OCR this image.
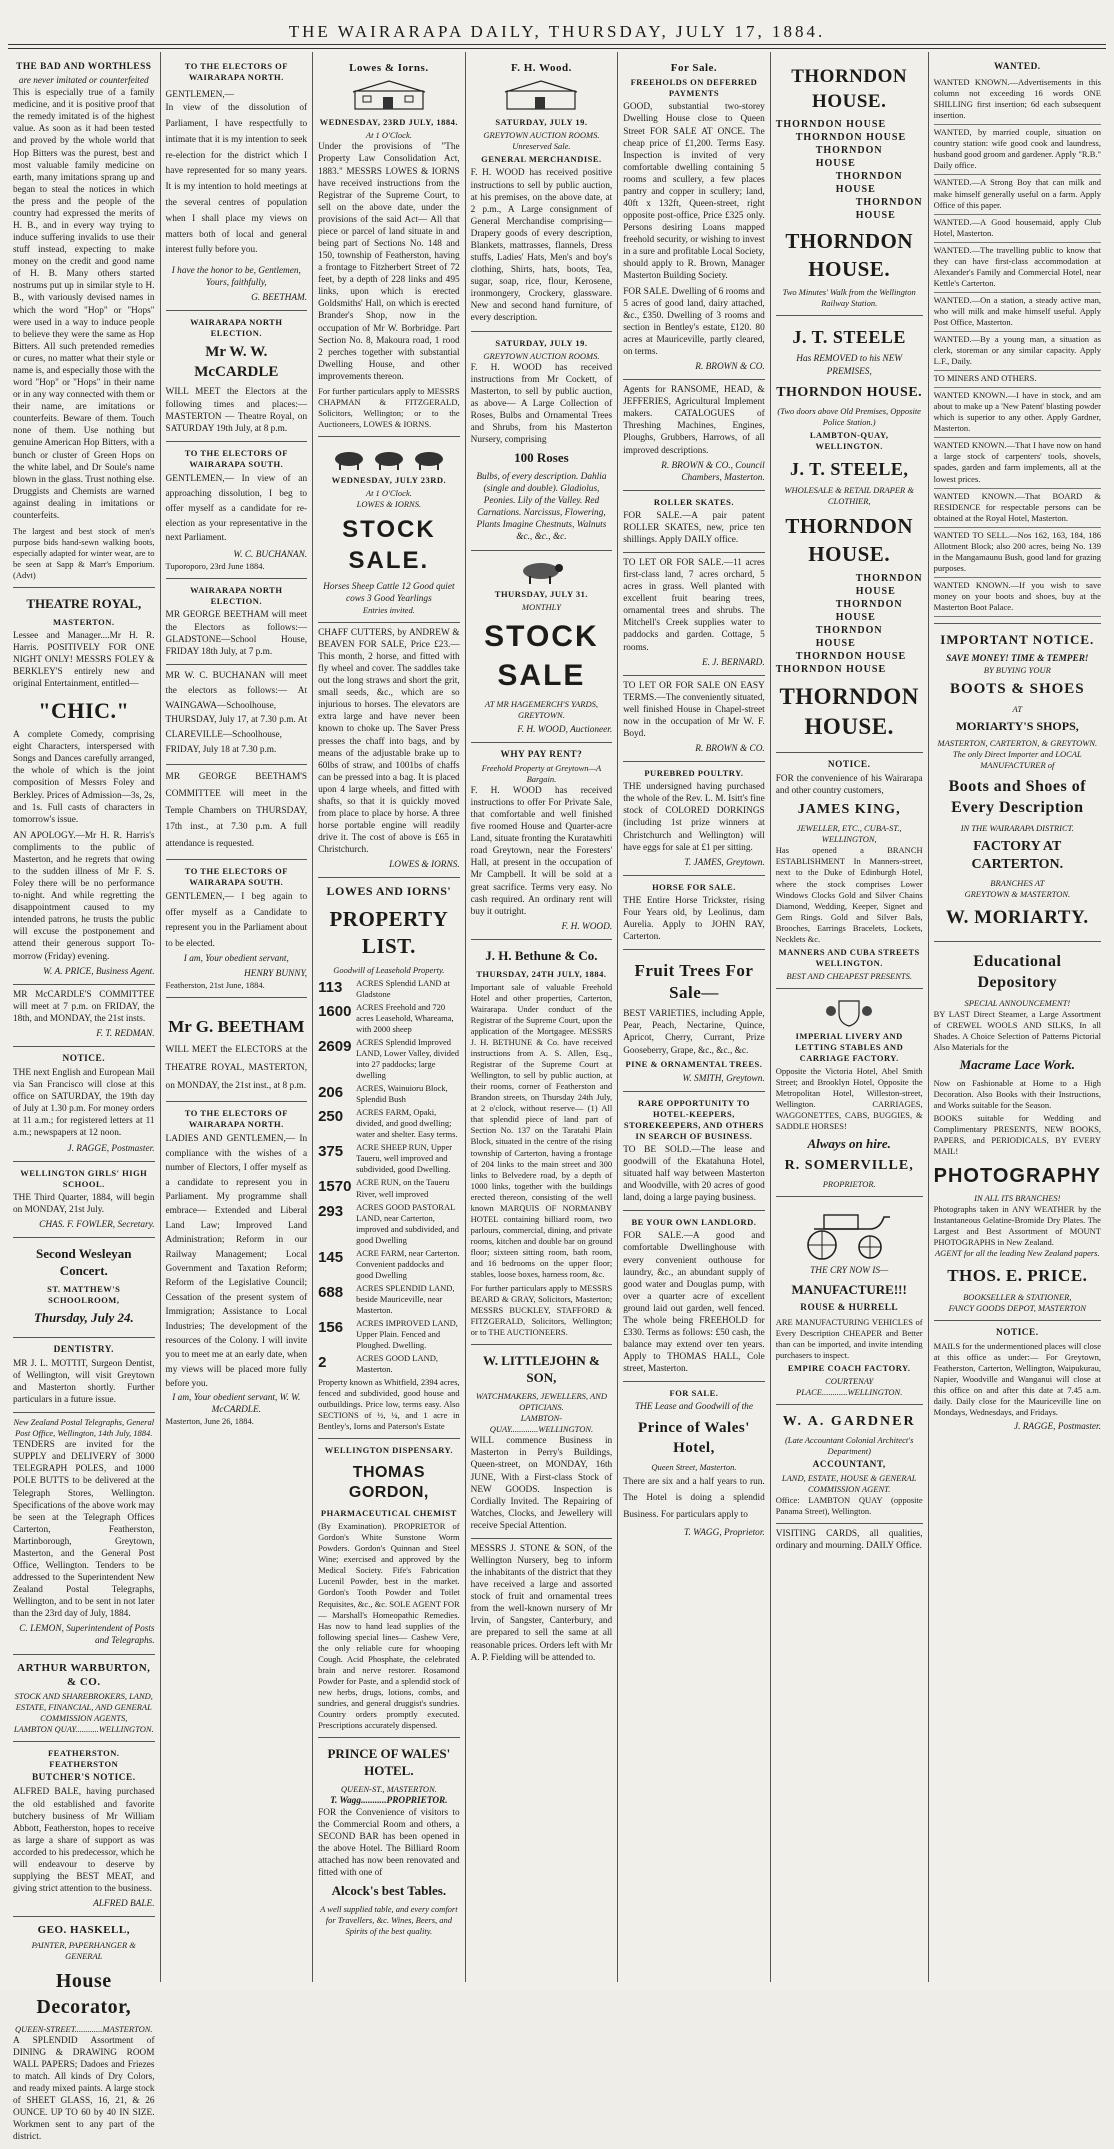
THE WAIRARAPA DAILY, THURSDAY, JULY 17, 1884.
THE BAD AND WORTHLESS
are never imitated or counterfeited
This is especially true of a family medicine, and it is positive proof that the remedy imitated is of the highest value. As soon as it had been tested and proved by the whole world that Hop Bitters was the purest, best and most valuable family medicine on earth, many imitations sprang up and began to steal the notices in which the press and the people of the country had expressed the merits of H. B., and in every way trying to induce suffering invalids to use their stuff instead, expecting to make money on the credit and good name of H. B. Many others started nostrums put up in similar style to H. B., with variously devised names in which the word "Hop" or "Hops" were used in a way to induce people to believe they were the same as Hop Bitters. All such pretended remedies or cures, no matter what their style or name is, and especially those with the word "Hop" or "Hops" in their name or in any way connected with them or their name, are imitations or counterfeits. Beware of them. Touch none of them. Use nothing but genuine American Hop Bitters, with a bunch or cluster of Green Hops on the white label, and Dr Soule's name blown in the glass. Trust nothing else. Druggists and Chemists are warned against dealing in imitations or counterfeits.
The largest and best stock of men's purpose bids hand-sewn walking boots, especially adapted for winter wear, are to be seen at Sapp & Marr's Emporium. (Advt)
THEATRE ROYAL,
MASTERTON.
Lessee and Manager....Mr H. R. Harris. POSITIVELY FOR ONE NIGHT ONLY! MESSRS FOLEY & BERKLEY'S entirely new and original Entertainment, entitled—
"CHIC."
A complete Comedy, comprising eight Characters, interspersed with Songs and Dances carefully arranged, the whole of which is the joint composition of Messrs Foley and Berkley. Prices of Admission—3s, 2s, and 1s. Full casts of characters in tomorrow's issue.
AN APOLOGY.—Mr H. R. Harris's compliments to the public of Masterton, and he regrets that owing to the sudden illness of Mr F. S. Foley there will be no performance to-night. And while regretting the disappointment caused to my intended patrons, he trusts the public will excuse the postponement and attend their generous support To-morrow (Friday) evening.
W. A. PRICE, Business Agent.
MR McCARDLE'S COMMITTEE will meet at 7 p.m. on FRIDAY, the 18th, and MONDAY, the 21st insts.
F. T. REDMAN.
NOTICE.
THE next English and European Mail via San Francisco will close at this office on SATURDAY, the 19th day of July at 1.30 p.m. For money orders at 11 a.m.; for registered letters at 11 a.m.; newspapers at 12 noon.
J. RAGGE, Postmaster.
WELLINGTON GIRLS' HIGH SCHOOL.
THE Third Quarter, 1884, will begin on MONDAY, 21st July.
CHAS. F. FOWLER, Secretary.
Second Wesleyan Concert.
ST. MATTHEW'S SCHOOLROOM,
Thursday, July 24.
DENTISTRY.
MR J. L. MOTTIT, Surgeon Dentist, of Wellington, will visit Greytown and Masterton shortly. Further particulars in a future issue.
New Zealand Postal Telegraphs, General Post Office, Wellington, 14th July, 1884.
TENDERS are invited for the SUPPLY and DELIVERY of 3000 TELEGRAPH POLES, and 1000 POLE BUTTS to be delivered at the Telegraph Stores, Wellington. Specifications of the above work may be seen at the Telegraph Offices Carterton, Featherston, Martinborough, Greytown, Masterton, and the General Post Office, Wellington. Tenders to be addressed to the Superintendent New Zealand Postal Telegraphs, Wellington, and to be sent in not later than the 23rd day of July, 1884.
C. LEMON, Superintendent of Posts and Telegraphs.
ARTHUR WARBURTON, & CO.
STOCK AND SHAREBROKERS, LAND, ESTATE, FINANCIAL, AND GENERAL COMMISSION AGENTS,
LAMBTON QUAY...........WELLINGTON.
FEATHERSTON. FEATHERSTON
BUTCHER'S NOTICE.
ALFRED BALE, having purchased the old established and favorite butchery business of Mr William Abbott, Featherston, hopes to receive as large a share of support as was accorded to his predecessor, which he will endeavour to deserve by supplying the BEST MEAT, and giving strict attention to the business.
ALFRED BALE.
GEO. HASKELL,
PAINTER, PAPERHANGER & GENERAL
House Decorator,
QUEEN-STREET.............MASTERTON.
A SPLENDID Assortment of DINING & DRAWING ROOM WALL PAPERS; Dadoes and Friezes to match. All kinds of Dry Colors, and ready mixed paints. A large stock of SHEET GLASS, 16, 21, & 26 OUNCE. UP TO 60 by 40 IN SIZE. Workmen sent to any part of the district.
TO THE ELECTORS OF WAIRARAPA NORTH.
GENTLEMEN,—
In view of the dissolution of Parliament, I have respectfully to intimate that it is my intention to seek re-election for the district which I have represented for so many years. It is my intention to hold meetings at the several centres of population when I shall place my views on matters both of local and general interest fully before you.
I have the honor to be, Gentlemen, Yours, faithfully,
G. BEETHAM.
WAIRARAPA NORTH ELECTION.
Mr W. W. McCARDLE
WILL MEET the Electors at the following times and places:— MASTERTON — Theatre Royal, on SATURDAY 19th July, at 8 p.m.
TO THE ELECTORS OF WAIRARAPA SOUTH.
GENTLEMEN,— In view of an approaching dissolution, I beg to offer myself as a candidate for re-election as your representative in the next Parliament.
W. C. BUCHANAN.
Tuporoporo, 23rd June 1884.
WAIRARAPA NORTH ELECTION.
MR GEORGE BEETHAM will meet the Electors as follows:— GLADSTONE—School House, FRIDAY 18th July, at 7 p.m.
MR W. C. BUCHANAN will meet the electors as follows:— At WAINGAWA—Schoolhouse, THURSDAY, July 17, at 7.30 p.m. At CLAREVILLE—Schoolhouse, FRIDAY, July 18 at 7.30 p.m.
MR GEORGE BEETHAM'S COMMITTEE will meet in the Temple Chambers on THURSDAY, 17th inst., at 7.30 p.m. A full attendance is requested.
TO THE ELECTORS OF WAIRARAPA SOUTH.
GENTLEMEN,— I beg again to offer myself as a Candidate to represent you in the Parliament about to be elected.
I am, Your obedient servant,
HENRY BUNNY,
Featherston, 21st June, 1884.
Mr G. BEETHAM
WILL MEET the ELECTORS at the THEATRE ROYAL, MASTERTON, on MONDAY, the 21st inst., at 8 p.m.
TO THE ELECTORS OF WAIRARAPA NORTH.
LADIES AND GENTLEMEN,— In compliance with the wishes of a number of Electors, I offer myself as a candidate to represent you in Parliament. My programme shall embrace— Extended and Liberal Land Law; Improved Land Administration; Reform in our Railway Management; Local Government and Taxation Reform; Reform of the Legislative Council; Cessation of the present system of Immigration; Assistance to Local Industries; The development of the resources of the Colony. I will invite you to meet me at an early date, when my views will be placed more fully before you.
I am, Your obedient servant, W. W. McCARDLE.
Masterton, June 26, 1884.
Lowes & Iorns.
WEDNESDAY, 23RD JULY, 1884.
At 1 O'Clock.
Under the provisions of "The Property Law Consolidation Act, 1883." MESSRS LOWES & IORNS have received instructions from the Registrar of the Supreme Court, to sell on the above date, under the provisions of the said Act— All that piece or parcel of land situate in and being part of Sections No. 148 and 150, township of Featherston, having a frontage to Fitzherbert Street of 72 feet, by a depth of 228 links and 495 links, upon which is erected Goldsmiths' Hall, on which is erected Brander's Shop, now in the occupation of Mr W. Borbridge. Part Section No. 8, Makoura road, 1 rood 2 perches together with substantial Dwelling House, and other improvements thereon.
For further particulars apply to MESSRS CHAPMAN & FITZGERALD, Solicitors, Wellington; or to the Auctioneers, LOWES & IORNS.
WEDNESDAY, JULY 23RD.
At 1 O'Clock.
LOWES & IORNS.
STOCK SALE.
Horses Sheep Cattle 12 Good quiet cows 3 Good Yearlings
Entries invited.
CHAFF CUTTERS, by ANDREW & BEAVEN FOR SALE, Price £23.—This month, 2 horse, and fitted with fly wheel and cover. The saddles take out the long straws and short the grit, small seeds, &c., which are so injurious to horses. The elevators are extra large and have never been known to choke up. The Saver Press presses the chaff into bags, and by means of the adjustable brake up to 60lbs of straw, and 1001bs of chaffs can be pressed into a bag. It is placed upon 4 large wheels, and fitted with shafts, so that it is quickly moved from place to place by horse. A three horse portable engine will readily drive it. The cost of above is £65 in Christchurch.
LOWES & IORNS.
LOWES AND IORNS'
PROPERTY LIST.
Goodwill of Leasehold Property.
113	ACRES Splendid LAND at Gladstone
1600 ACRES Freehold and 720 acres Leasehold, Whareama, with 2000 sheep
2609 ACRES Splendid Improved LAND, Lower Valley, divided into 27 paddocks; large dwelling
206	ACRES, Wainuioru Block, Splendid Bush
250	ACRES FARM, Opaki, divided, and good dwelling; water and shelter. Easy terms.
375	ACRE SHEEP RUN, Upper Taueru, well improved and subdivided, good Dwelling.
1570 ACRE RUN, on the Taueru River, well improved
293	ACRES GOOD PASTORAL LAND, near Carterton, improved and subdivided, and good Dwelling
145	ACRE FARM, near Carterton. Convenient paddocks and good Dwelling
688	ACRES SPLENDID LAND, beside Mauriceville, near Masterton.
156	ACRES IMPROVED LAND, Upper Plain. Fenced and Ploughed. Dwelling.
2	ACRES GOOD LAND, Masterton.
Property known as Whitfield, 2394 acres, fenced and subdivided, good house and outbuildings. Price low, terms easy. Also SECTIONS of ½, ¼, and 1 acre in Bentley's, Iorns and Paterson's Estate
WELLINGTON DISPENSARY.
THOMAS GORDON,
PHARMACEUTICAL CHEMIST
(By Examination). PROPRIETOR of Gordon's White Sunstone Worm Powders. Gordon's Quinnan and Steel Wine; exercised and approved by the Medical Society. Fife's Fabrication Lucenil Powder, best in the market. Gordon's Tooth Powder and Toilet Requisites, &c., &c. SOLE AGENT FOR— Marshall's Homeopathic Remedies. Has now to hand lead supplies of the following special lines— Cashew Vere, the only reliable cure for whooping Cough. Acid Phosphate, the celebrated brain and nerve restorer. Rosamond Powder for Paste, and a splendid stock of new herbs, drugs, lotions, combs, and sundries, and general druggist's sundries. Country orders promptly executed. Prescriptions accurately dispensed.
PRINCE OF WALES' HOTEL.
QUEEN-ST., MASTERTON.
T. Wagg...........PROPRIETOR.
FOR the Convenience of visitors to the Commercial Room and others, a SECOND BAR has been opened in the above Hotel. The Billiard Room attached has now been renovated and fitted with one of
Alcock's best Tables.
A well supplied table, and every comfort for Travellers, &c. Wines, Beers, and Spirits of the best quality.
F. H. Wood.
SATURDAY, JULY 19.
GREYTOWN AUCTION ROOMS.
Unreserved Sale.
GENERAL MERCHANDISE.
F. H. WOOD has received positive instructions to sell by public auction, at his premises, on the above date, at 2 p.m., A Large consignment of General Merchandise comprising— Drapery goods of every description, Blankets, mattrasses, flannels, Dress stuffs, Ladies' Hats, Men's and boy's clothing, Shirts, hats, boots, Tea, sugar, soap, rice, flour, Kerosene, ironmongery, Crockery, glassware. New and second hand furniture, of every description.
SATURDAY, JULY 19.
GREYTOWN AUCTION ROOMS.
F. H. WOOD has received instructions from Mr Cockett, of Masterton, to sell by public auction, as above— A Large Collection of Roses, Bulbs and Ornamental Trees and Shrubs, from his Masterton Nursery, comprising
100 Roses
Bulbs, of every description. Dahlia (single and double). Gladiolus, Peonies. Lily of the Valley. Red Carnations. Narcissus, Flowering, Plants Imagine Chestnuts, Walnuts &c., &c., &c.
THURSDAY, JULY 31.
MONTHLY
STOCK SALE
AT MR HAGEMERCH'S YARDS, GREYTOWN.
F. H. WOOD, Auctioneer.
WHY PAY RENT?
Freehold Property at Greytown—A Bargain.
F. H. WOOD has received instructions to offer For Private Sale, that comfortable and well finished five roomed House and Quarter-acre Land, situate fronting the Kuratawhiti road Greytown, near the Foresters' Hall, at present in the occupation of Mr Campbell. It will be sold at a great sacrifice. Terms very easy. No cash required. An ordinary rent will buy it outright.
F. H. WOOD.
J. H. Bethune & Co.
THURSDAY, 24TH JULY, 1884.
Important sale of valuable Freehold Hotel and other properties, Carterton, Wairarapa. Under conduct of the Registrar of the Supreme Court, upon the application of the Mortgagee. MESSRS J. H. BETHUNE & Co. have received instructions from A. S. Allen, Esq., Registrar of the Supreme Court at Wellington, to sell by public auction, at their rooms, corner of Featherston and Brandon streets, on Thursday 24th July, at 2 o'clock, without reserve— (1) All that splendid piece of land part of Section No. 137 on the Taratahi Plain Block, situated in the centre of the rising township of Carterton, having a frontage of 204 links to the main street and 300 links to Belvedere road, by a depth of 1000 links, together with the buildings erected thereon, consisting of the well known MARQUIS OF NORMANBY HOTEL containing billiard room, two parlours, commercial, dining, and private rooms, kitchen and double bar on ground floor; sixteen sitting room, bath room, and 16 bedrooms on the upper floor; stables, loose boxes, harness room, &c.
For further particulars apply to MESSRS BEARD & GRAY, Solicitors, Masterton; MESSRS BUCKLEY, STAFFORD & FITZGERALD, Solicitors, Wellington; or to THE AUCTIONEERS.
W. LITTLEJOHN & SON,
WATCHMAKERS, JEWELLERS, AND OPTICIANS.
LAMBTON-QUAY.............WELLINGTON.
WILL commence Business in Masterton in Perry's Buildings, Queen-street, on MONDAY, 16th JUNE, With a First-class Stock of NEW GOODS. Inspection is Cordially Invited. The Repairing of Watches, Clocks, and Jewellery will receive Special Attention.
MESSRS J. STONE & SON, of the Wellington Nursery, beg to inform the inhabitants of the district that they have received a large and assorted stock of fruit and ornamental trees from the well-known nursery of Mr Irvin, of Sangster, Canterbury, and are prepared to sell the same at all reasonable prices. Orders left with Mr A. P. Fielding will be attended to.
For Sale.
FREEHOLDS ON DEFERRED PAYMENTS
GOOD, substantial two-storey Dwelling House close to Queen Street FOR SALE AT ONCE. The cheap price of £1,200. Terms Easy. Inspection is invited of very comfortable dwelling containing 5 rooms and scullery, a few places pantry and copper in scullery; land, 40ft x 132ft, Queen-street, right opposite post-office, Price £325 only. Persons desiring Loans mapped freehold security, or wishing to invest in a sure and profitable Local Society, should apply to R. Brown, Manager Masterton Building Society.
FOR SALE. Dwelling of 6 rooms and 5 acres of good land, dairy attached, &c., £350. Dwelling of 3 rooms and section in Bentley's estate, £120. 80 acres at Mauriceville, partly cleared, on terms.
R. BROWN & CO.
Agents for RANSOME, HEAD, & JEFFERIES, Agricultural Implement makers. CATALOGUES of Threshing Machines, Engines, Ploughs, Grubbers, Harrows, of all improved descriptions.
R. BROWN & CO., Council Chambers, Masterton.
ROLLER SKATES.
FOR SALE.—A pair patent ROLLER SKATES, new, price ten shillings. Apply DAILY office.
TO LET OR FOR SALE.—11 acres first-class land, 7 acres orchard, 5 acres in grass. Well planted with excellent fruit bearing trees, ornamental trees and shrubs. The Mitchell's Creek supplies water to paddocks and garden. Cottage, 5 rooms.
E. J. BERNARD.
TO LET OR FOR SALE ON EASY TERMS.—The conveniently situated, well finished House in Chapel-street now in the occupation of Mr W. F. Boyd.
R. BROWN & CO.
PUREBRED POULTRY.
THE undersigned having purchased the whole of the Rev. L. M. Isitt's fine stock of COLORED DORKINGS (including 1st prize winners at Christchurch and Wellington) will have eggs for sale at £1 per sitting.
T. JAMES, Greytown.
HORSE FOR SALE.
THE Entire Horse Trickster, rising Four Years old, by Leolinus, dam Aurelia. Apply to JOHN RAY, Carterton.
Fruit Trees For Sale—
BEST VARIETIES, including Apple, Pear, Peach, Nectarine, Quince, Apricot, Cherry, Currant, Prize Gooseberry, Grape, &c., &c., &c.
PINE & ORNAMENTAL TREES.
W. SMITH, Greytown.
RARE OPPORTUNITY TO HOTEL-KEEPERS, STOREKEEPERS, AND OTHERS IN SEARCH OF BUSINESS.
TO BE SOLD.—The lease and goodwill of the Ekatahuna Hotel, situated half way between Masterton and Woodville, with 20 acres of good land, doing a large paying business.
BE YOUR OWN LANDLORD.
FOR SALE.—A good and comfortable Dwellinghouse with every convenient outhouse for laundry, &c., an abundant supply of good water and Douglas pump, with over a quarter acre of excellent ground laid out garden, well fenced. The whole being FREEHOLD for £330. Terms as follows: £50 cash, the balance may extend over ten years. Apply to THOMAS HALL, Cole street, Masterton.
FOR SALE.
THE Lease and Goodwill of the
Prince of Wales' Hotel,
Queen Street, Masterton.
There are six and a half years to run. The Hotel is doing a splendid Business. For particulars apply to
T. WAGG, Proprietor.
THORNDON HOUSE.
THORNDON HOUSE
THORNDON HOUSE
THORNDON HOUSE
THORNDON HOUSE
THORNDON HOUSE
THORNDON HOUSE.
Two Minutes' Walk from the Wellington Railway Station.
J. T. STEELE
Has REMOVED to his NEW PREMISES,
THORNDON HOUSE.
(Two doors above Old Premises, Opposite Police Station.)
LAMBTON-QUAY, WELLINGTON.
J. T. STEELE,
WHOLESALE & RETAIL DRAPER & CLOTHIER,
THORNDON HOUSE.
THORNDON HOUSE
THORNDON HOUSE
THORNDON HOUSE
THORNDON HOUSE
THORNDON HOUSE
THORNDON HOUSE.
NOTICE.
FOR the convenience of his Wairarapa and other country customers,
JAMES KING,
JEWELLER, ETC., CUBA-ST., WELLINGTON,
Has opened a BRANCH ESTABLISHMENT In Manners-street, next to the Duke of Edinburgh Hotel, where the stock comprises Lower Windows Clocks Gold and Silver Chains Diamond, Wedding, Keeper, Signet and Gem Rings. Gold and Silver Bals, Brooches, Earrings Bracelets, Lockets, Necklets &c.
MANNERS AND CUBA STREETS WELLINGTON.
BEST AND CHEAPEST PRESENTS.
IMPERIAL LIVERY AND LETTING STABLES AND CARRIAGE FACTORY.
Opposite the Victoria Hotel, Abel Smith Street; and Brooklyn Hotel, Opposite the Metropolitan Hotel, Willeston-street, Wellington. CARRIAGES, WAGGONETTES, CABS, BUGGIES, & SADDLE HORSES!
Always on hire.
R. SOMERVILLE,
PROPRIETOR.
THE CRY NOW IS—
MANUFACTURE!!!
ROUSE & HURRELL
ARE MANUFACTURING VEHICLES of Every Description CHEAPER and Better than can be imported, and invite intending purchasers to inspect.
EMPIRE COACH FACTORY.
COURTENAY PLACE............WELLINGTON.
W. A. GARDNER
(Late Accountant Colonial Architect's Department)
ACCOUNTANT,
LAND, ESTATE, HOUSE & GENERAL COMMISSION AGENT.
Office: LAMBTON QUAY (opposite Panama Street), Wellington.
VISITING CARDS, all qualities, ordinary and mourning. DAILY Office.
WANTED.
WANTED KNOWN.—Advertisements in this column not exceeding 16 words ONE SHILLING first insertion; 6d each subsequent insertion.
WANTED, by married couple, situation on country station: wife good cook and laundress, husband good groom and gardener. Apply "R.B." Daily office.
WANTED.—A Strong Boy that can milk and make himself generally useful on a farm. Apply Office of this paper.
WANTED.—A Good housemaid, apply Club Hotel, Masterton.
WANTED.—The travelling public to know that they can have first-class accommodation at Alexander's Family and Commercial Hotel, near Kettle's Carterton.
WANTED.—On a station, a steady active man, who will milk and make himself useful. Apply Post Office, Masterton.
WANTED.—By a young man, a situation as clerk, storeman or any similar capacity. Apply L.F., Daily.
TO MINERS AND OTHERS.
WANTED KNOWN.—I have in stock, and am about to make up a 'New Patent' blasting powder which is superior to any other. Apply Gardner, Masterton.
WANTED KNOWN.—That I have now on hand a large stock of carpenters' tools, shovels, spades, garden and farm implements, all at the lowest prices.
WANTED KNOWN.—That BOARD & RESIDENCE for respectable persons can be obtained at the Royal Hotel, Masterton.
WANTED TO SELL.—Nos 162, 163, 184, 186 Allotment Block; also 200 acres, being No. 139 in the Mangamaunu Bush, good land for grazing purposes.
WANTED KNOWN.—If you wish to save money on your boots and shoes, buy at the Masterton Boot Palace.
IMPORTANT NOTICE.
SAVE MONEY! TIME & TEMPER!
BY BUYING YOUR
BOOTS & SHOES
AT
MORIARTY'S SHOPS,
MASTERTON, CARTERTON, & GREYTOWN.
The only Direct Importer and LOCAL MANUFACTURER of
Boots and Shoes of Every Description
IN THE WAIRARAPA DISTRICT.
FACTORY AT CARTERTON.
BRANCHES AT
GREYTOWN & MASTERTON.
W. MORIARTY.
Educational Depository
SPECIAL ANNOUNCEMENT!
BY LAST Direct Steamer, a Large Assortment of CREWEL WOOLS AND SILKS, In all Shades. A Choice Selection of Patterns Pictorial Also Materials for the
Macrame Lace Work.
Now on Fashionable at Home to a High Decoration. Also Books with their Instructions, and Works suitable for the Season.
BOOKS suitable for Wedding and Complimentary PRESENTS, NEW BOOKS, PAPERS, and PERIODICALS, BY EVERY MAIL!
PHOTOGRAPHY
IN ALL ITS BRANCHES!
Photographs taken in ANY WEATHER by the Instantaneous Gelatine-Bromide Dry Plates. The Largest and Best Assortment of MOUNT PHOTOGRAPHS in New Zealand.
AGENT for all the leading New Zealand papers.
THOS. E. PRICE.
BOOKSELLER & STATIONER,
FANCY GOODS DEPOT, MASTERTON
NOTICE.
MAILS for the undermentioned places will close at this office as under:— For Greytown, Featherston, Carterton, Wellington, Waipukurau, Napier, Woodville and Wanganui will close at this office on and after this date at 7.45 a.m. daily. Daily close for the Mauriceville line on Mondays, Wednesdays, and Fridays.
J. RAGGE, Postmaster.
